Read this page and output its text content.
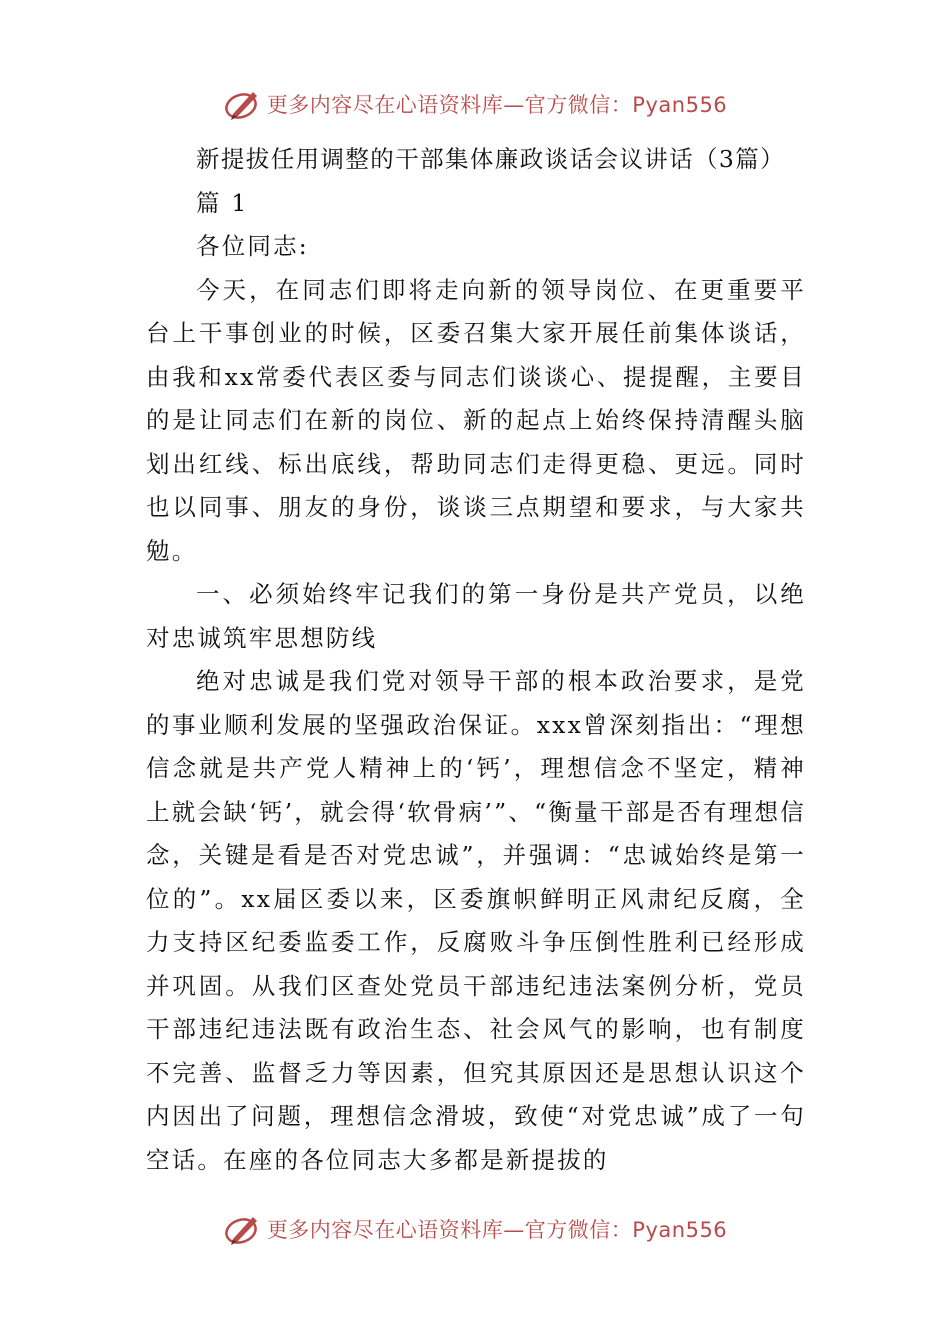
更多内容尽在心语资料库—官方微信：Pyan556

新提拔任用调整的干部集体廉政谈话会议讲话（3篇）

篇 1

各位同志:

今天，在同志们即将走向新的领导岗位、在更重要平台上干事创业的时候，区委召集大家开展任前集体谈话，由我和xx常委代表区委与同志们谈谈心、提提醒，主要目的是让同志们在新的岗位、新的起点上始终保持清醒头脑划出红线、标出底线，帮助同志们走得更稳、更远。同时也以同事、朋友的身份，谈谈三点期望和要求，与大家共勉。

一、必须始终牢记我们的第一身份是共产党员，以绝对忠诚筑牢思想防线

绝对忠诚是我们党对领导干部的根本政治要求，是党的事业顺利发展的坚强政治保证。xxx曾深刻指出：“理想信念就是共产党人精神上的‘钙’，理想信念不坚定，精神上就会缺‘钙’，就会得‘软骨病’”、“衡量干部是否有理想信念，关键是看是否对党忠诚”，并强调：“忠诚始终是第一位的”。xx届区委以来，区委旗帜鲜明正风肃纪反腐，全力支持区纪委监委工作，反腐败斗争压倒性胜利已经形成并巩固。从我们区查处党员干部违纪违法案例分析，党员干部违纪违法既有政治生态、社会风气的影响，也有制度不完善、监督乏力等因素，但究其原因还是思想认识这个内因出了问题，理想信念滑坡，致使“对党忠诚”成了一句空话。在座的各位同志大多都是新提拔的

更多内容尽在心语资料库—官方微信：Pyan556
